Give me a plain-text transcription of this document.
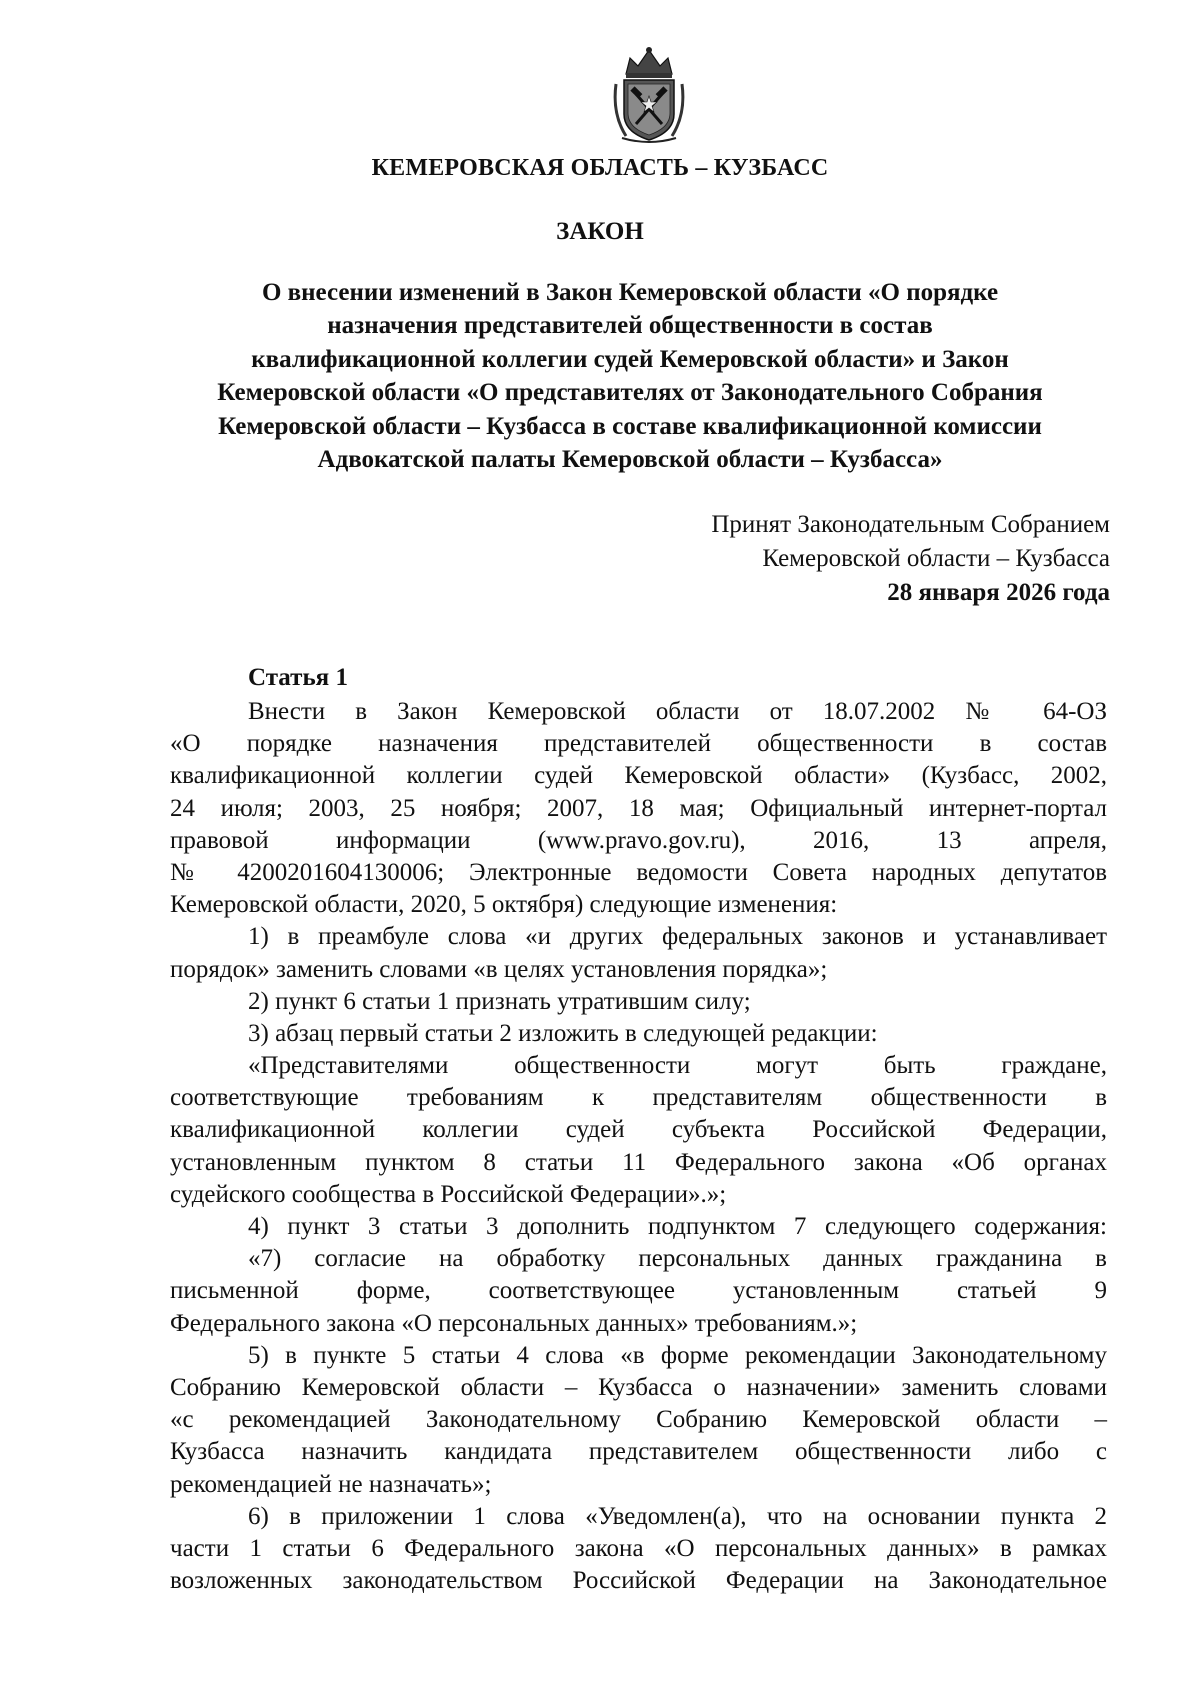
КЕМЕРОВСКАЯ ОБЛАСТЬ – КУЗБАСС
ЗАКОН
О внесении изменений в Закон Кемеровской области «О порядке
назначения представителей общественности в состав
квалификационной коллегии судей Кемеровской области» и Закон
Кемеровской области «О представителях от Законодательного Собрания
Кемеровской области – Кузбасса в составе квалификационной комиссии
Адвокатской палаты Кемеровской области – Кузбасса»
Принят Законодательным Собранием
Кемеровской области – Кузбасса
28 января 2026 года
Статья 1
Внести в Закон Кемеровской области от 18.07.2002 № 64-ОЗ
«О порядке назначения представителей общественности в состав
квалификационной коллегии судей Кемеровской области» (Кузбасс, 2002,
24 июля; 2003, 25 ноября; 2007, 18 мая; Официальный интернет-портал
правовой информации (www.pravo.gov.ru), 2016, 13 апреля,
№ 4200201604130006; Электронные ведомости Совета народных депутатов
Кемеровской области, 2020, 5 октября) следующие изменения:
1) в преамбуле слова «и других федеральных законов и устанавливает
порядок» заменить словами «в целях установления порядка»;
2) пункт 6 статьи 1 признать утратившим силу;
3) абзац первый статьи 2 изложить в следующей редакции:
«Представителями общественности могут быть граждане,
соответствующие требованиям к представителям общественности в
квалификационной коллегии судей субъекта Российской Федерации,
установленным пунктом 8 статьи 11 Федерального закона «Об органах
судейского сообщества в Российской Федерации».»;
4) пункт 3 статьи 3 дополнить подпунктом 7 следующего содержания:
«7) согласие на обработку персональных данных гражданина в
письменной форме, соответствующее установленным статьей 9
Федерального закона «О персональных данных» требованиям.»;
5) в пункте 5 статьи 4 слова «в форме рекомендации Законодательному
Собранию Кемеровской области – Кузбасса о назначении» заменить словами
«с рекомендацией Законодательному Собранию Кемеровской области –
Кузбасса назначить кандидата представителем общественности либо с
рекомендацией не назначать»;
6) в приложении 1 слова «Уведомлен(а), что на основании пункта 2
части 1 статьи 6 Федерального закона «О персональных данных» в рамках
возложенных законодательством Российской Федерации на Законодательное
